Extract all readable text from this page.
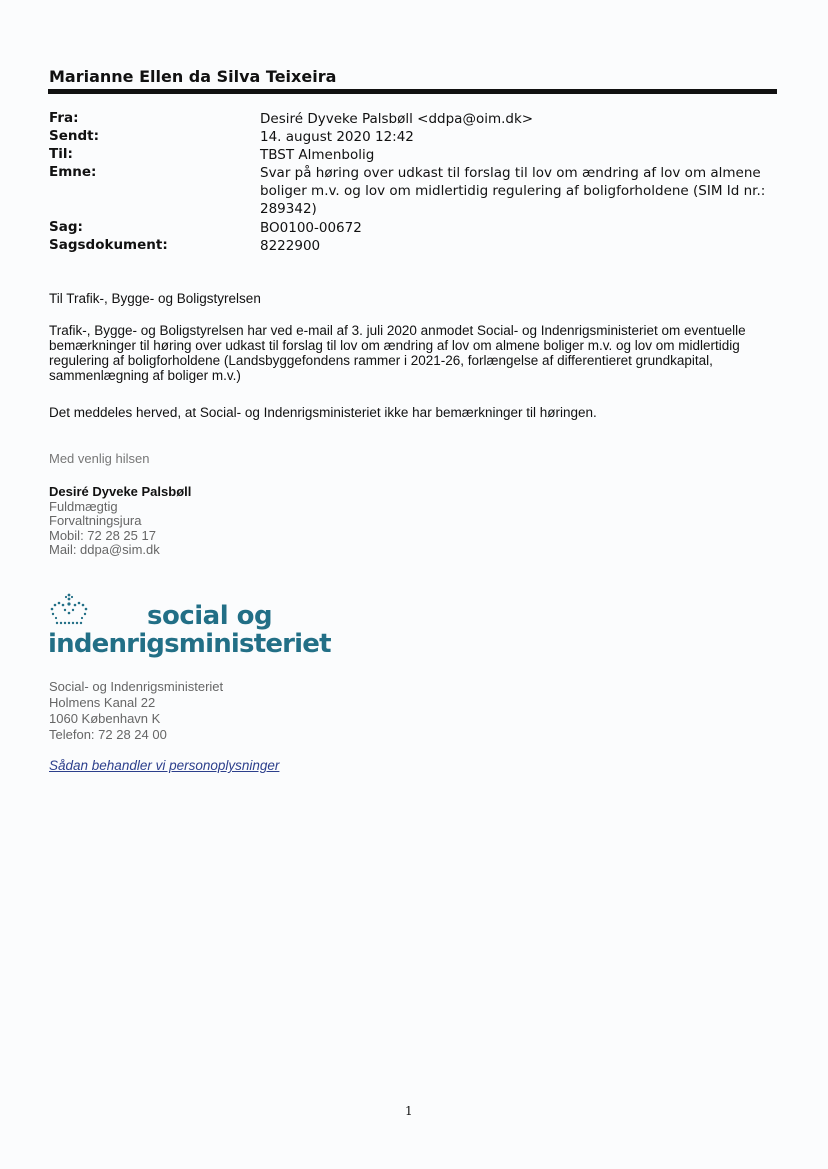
Marianne Ellen da Silva Teixeira
Fra:	Desiré Dyveke Palsbøll <ddpa@oim.dk>
Sendt:	14. august 2020 12:42
Til:	TBST Almenbolig
Emne:	Svar på høring over udkast til forslag til lov om ændring af lov om almene boliger m.v. og lov om midlertidig regulering af boligforholdene (SIM Id nr.: 289342)
Sag:	BO0100-00672
Sagsdokument:	8222900
Til Trafik-, Bygge- og Boligstyrelsen
Trafik-, Bygge- og Boligstyrelsen har ved e-mail af 3. juli 2020 anmodet Social- og Indenrigsministeriet om eventuelle bemærkninger til høring over udkast til forslag til lov om ændring af lov om almene boliger m.v. og lov om midlertidig regulering af boligforholdene (Landsbyggefondens rammer i 2021-26, forlængelse af differentieret grundkapital, sammenlægning af boliger m.v.)
Det meddeles herved, at Social- og Indenrigsministeriet ikke har bemærkninger til høringen.
Med venlig hilsen
Desiré Dyveke Palsbøll
Fuldmægtig
Forvaltningsjura
Mobil: 72 28 25 17
Mail: ddpa@sim.dk
social og
indenrigsministeriet
Social- og Indenrigsministeriet
Holmens Kanal 22
1060 København K
Telefon: 72 28 24 00
Sådan behandler vi personoplysninger
1
